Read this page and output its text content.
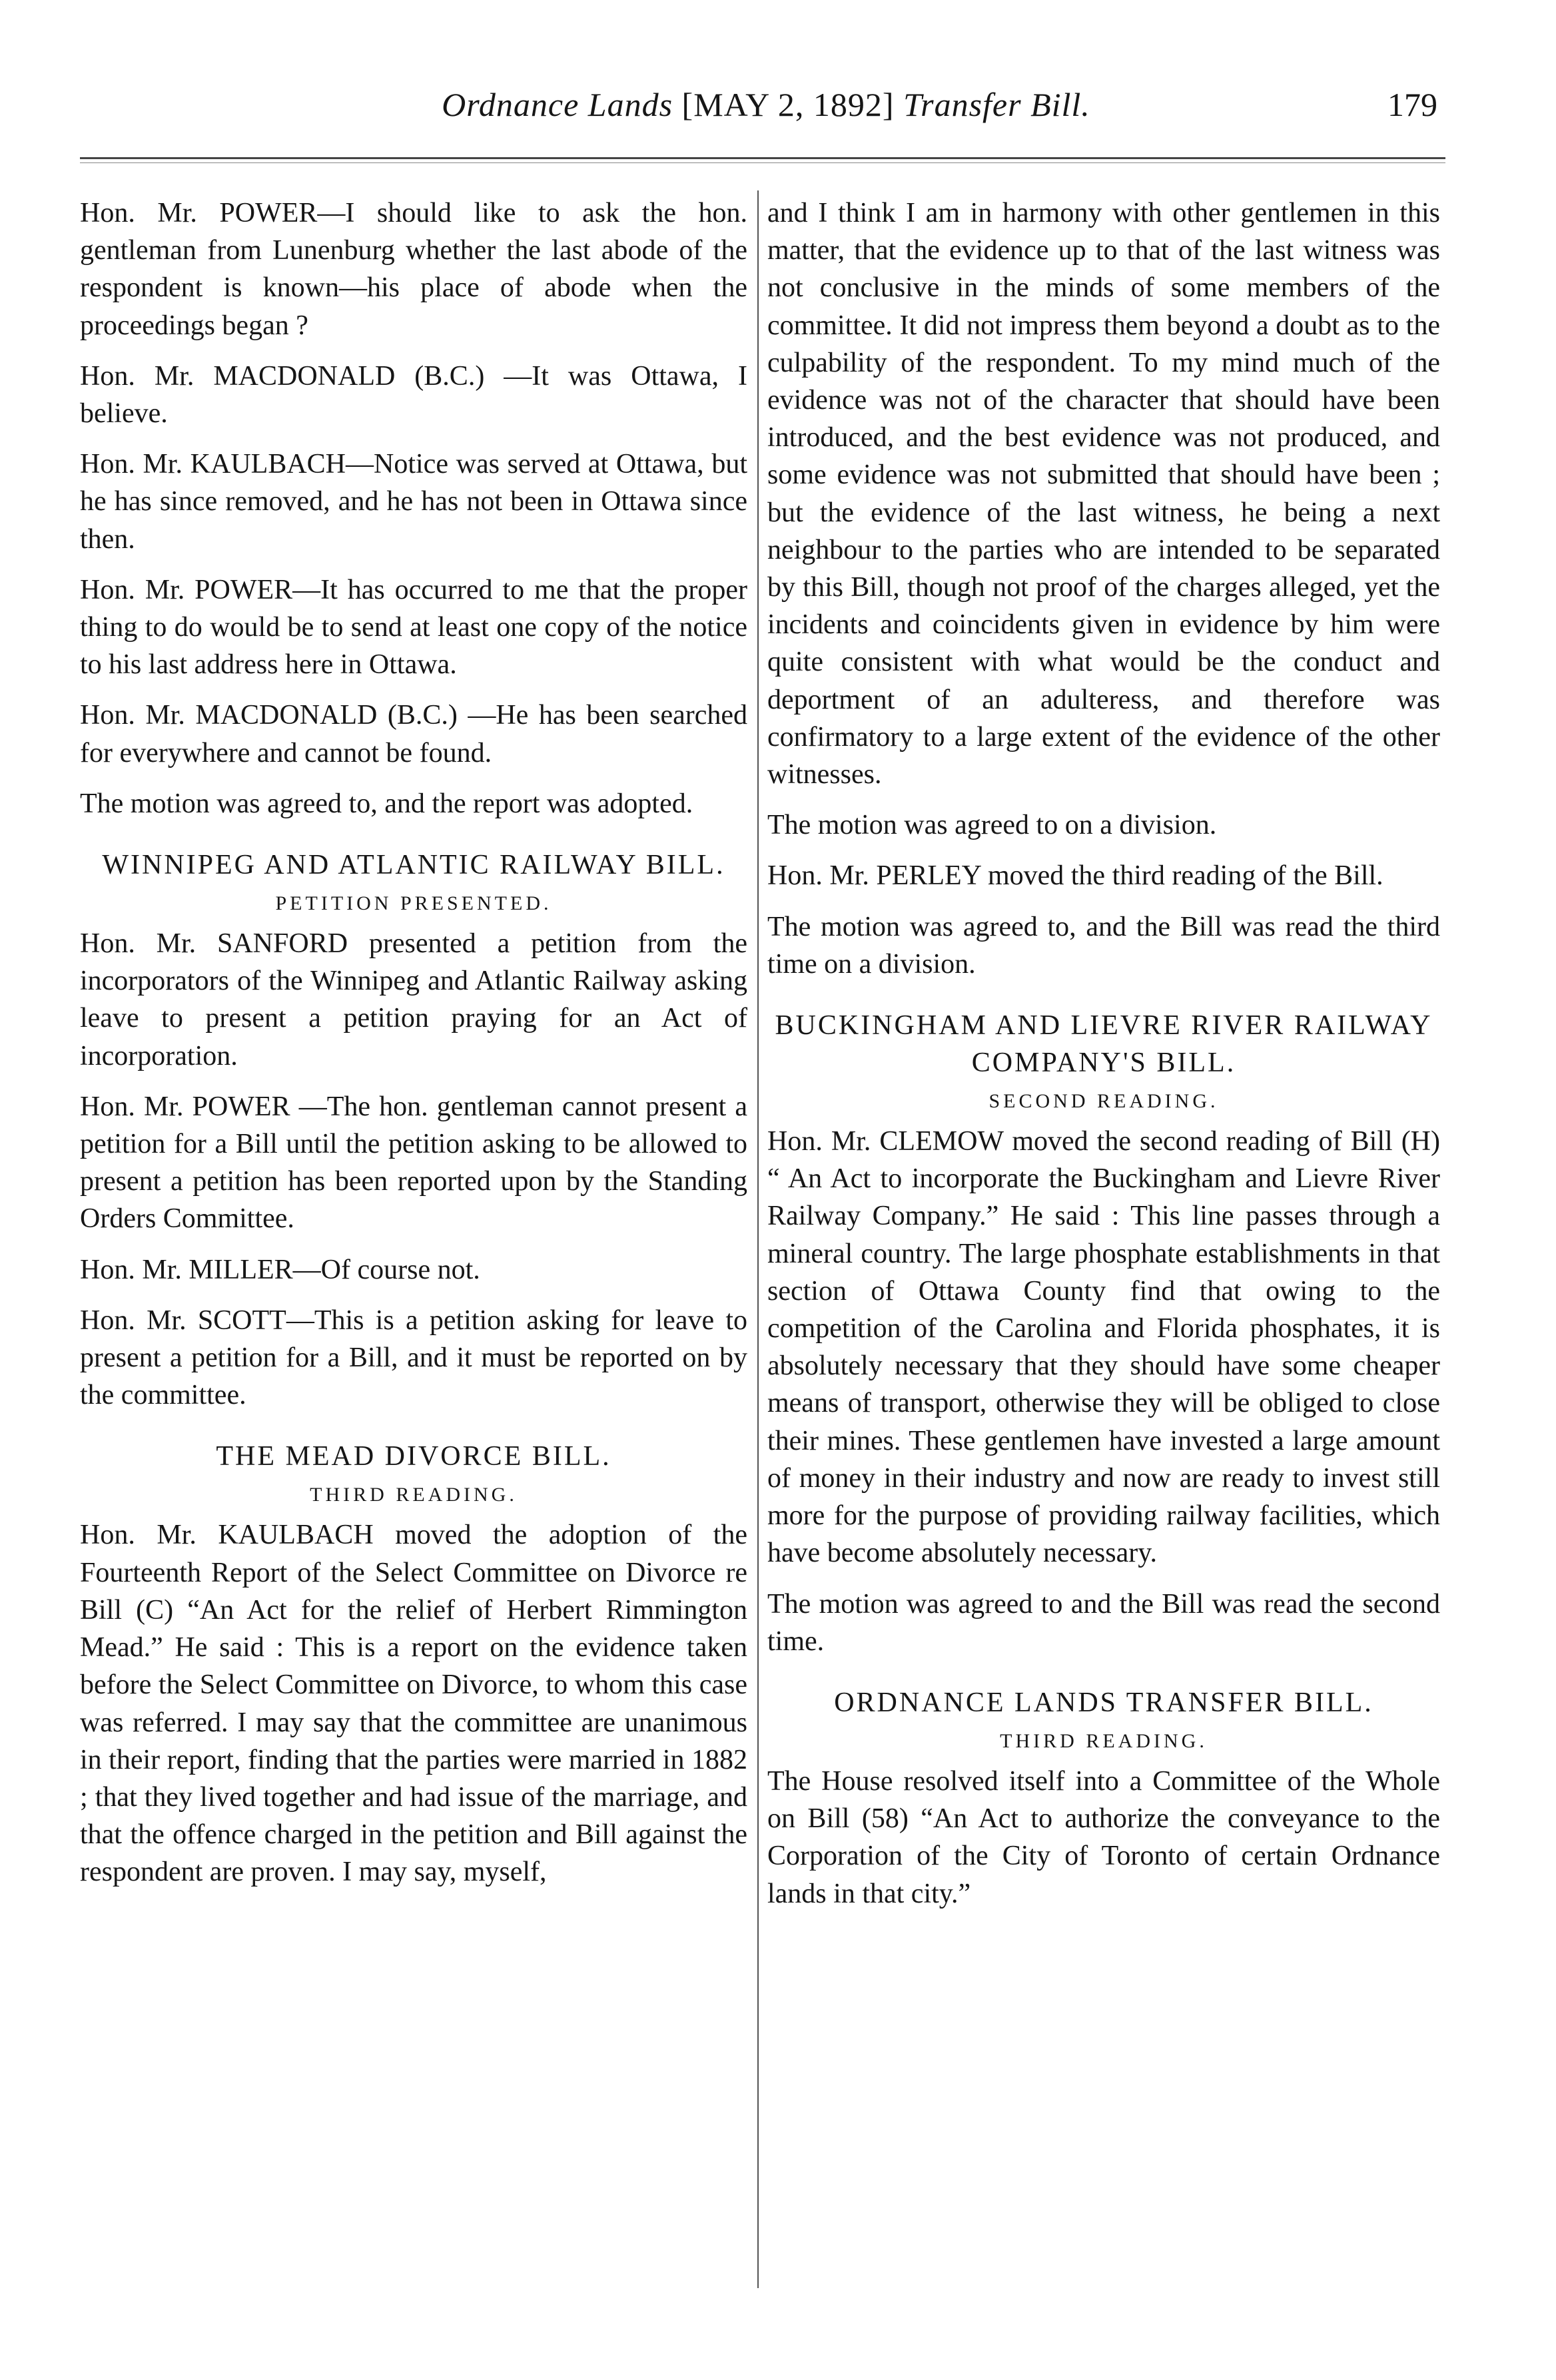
Ordnance Lands [MAY 2, 1892] Transfer Bill.	179

Hon. Mr. POWER—I should like to ask the hon. gentleman from Lunenburg whether the last abode of the respondent is known—his place of abode when the proceedings began ?

Hon. Mr. MACDONALD (B.C.) —It was Ottawa, I believe.

Hon. Mr. KAULBACH—Notice was served at Ottawa, but he has since removed, and he has not been in Ottawa since then.

Hon. Mr. POWER—It has occurred to me that the proper thing to do would be to send at least one copy of the notice to his last address here in Ottawa.

Hon. Mr. MACDONALD (B.C.) —He has been searched for everywhere and cannot be found.

The motion was agreed to, and the report was adopted.

WINNIPEG AND ATLANTIC RAILWAY BILL.
PETITION PRESENTED.

Hon. Mr. SANFORD presented a petition from the incorporators of the Winnipeg and Atlantic Railway asking leave to present a petition praying for an Act of incorporation.

Hon. Mr. POWER —The hon. gentleman cannot present a petition for a Bill until the petition asking to be allowed to present a petition has been reported upon by the Standing Orders Committee.

Hon. Mr. MILLER—Of course not.

Hon. Mr. SCOTT—This is a petition asking for leave to present a petition for a Bill, and it must be reported on by the committee.

THE MEAD DIVORCE BILL.
THIRD READING.

Hon. Mr. KAULBACH moved the adoption of the Fourteenth Report of the Select Committee on Divorce re Bill (C) “An Act for the relief of Herbert Rimmington Mead.” He said : This is a report on the evidence taken before the Select Committee on Divorce, to whom this case was referred. I may say that the committee are unanimous in their report, finding that the parties were married in 1882 ; that they lived together and had issue of the marriage, and that the offence charged in the petition and Bill against the respondent are proven. I may say, myself,

and I think I am in harmony with other gentlemen in this matter, that the evidence up to that of the last witness was not conclusive in the minds of some members of the committee. It did not impress them beyond a doubt as to the culpability of the respondent. To my mind much of the evidence was not of the character that should have been introduced, and the best evidence was not produced, and some evidence was not submitted that should have been ; but the evidence of the last witness, he being a next neighbour to the parties who are intended to be separated by this Bill, though not proof of the charges alleged, yet the incidents and coincidents given in evidence by him were quite consistent with what would be the conduct and deportment of an adulteress, and therefore was confirmatory to a large extent of the evidence of the other witnesses.

The motion was agreed to on a division.

Hon. Mr. PERLEY moved the third reading of the Bill.

The motion was agreed to, and the Bill was read the third time on a division.

BUCKINGHAM AND LIEVRE RIVER RAILWAY COMPANY'S BILL.
SECOND READING.

Hon. Mr. CLEMOW moved the second reading of Bill (H) “ An Act to incorporate the Buckingham and Lievre River Railway Company.” He said : This line passes through a mineral country. The large phosphate establishments in that section of Ottawa County find that owing to the competition of the Carolina and Florida phosphates, it is absolutely necessary that they should have some cheaper means of transport, otherwise they will be obliged to close their mines. These gentlemen have invested a large amount of money in their industry and now are ready to invest still more for the purpose of providing railway facilities, which have become absolutely necessary.

The motion was agreed to and the Bill was read the second time.

ORDNANCE LANDS TRANSFER BILL.
THIRD READING.

The House resolved itself into a Committee of the Whole on Bill (58) “An Act to authorize the conveyance to the Corporation of the City of Toronto of certain Ordnance lands in that city.”
